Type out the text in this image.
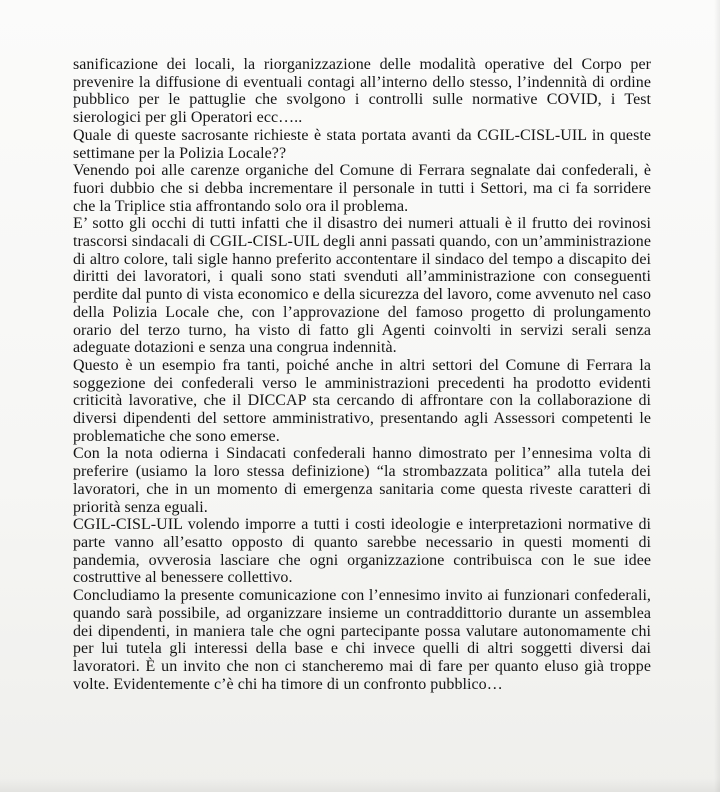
sanificazione dei locali, la riorganizzazione delle modalità operative del Corpo per prevenire la diffusione di eventuali contagi all’interno dello stesso, l’indennità di ordine pubblico per le pattuglie che svolgono i controlli sulle normative COVID, i Test sierologici per gli Operatori ecc…..

Quale di queste sacrosante richieste è stata portata avanti da CGIL-CISL-UIL in queste settimane per la Polizia Locale??

Venendo poi alle carenze organiche del Comune di Ferrara segnalate dai confederali, è fuori dubbio che si debba incrementare il personale in tutti i Settori, ma ci fa sorridere che la Triplice stia affrontando solo ora il problema.

E’ sotto gli occhi di tutti infatti che il disastro dei numeri attuali è il frutto dei rovinosi trascorsi sindacali di CGIL-CISL-UIL degli anni passati quando, con un’amministrazione di altro colore, tali sigle hanno preferito accontentare il sindaco del tempo a discapito dei diritti dei lavoratori, i quali sono stati svenduti all’amministrazione con conseguenti perdite dal punto di vista economico e della sicurezza del lavoro, come avvenuto nel caso della Polizia Locale che, con l’approvazione del famoso progetto di prolungamento orario del terzo turno, ha visto di fatto gli Agenti coinvolti in servizi serali senza adeguate dotazioni e senza una congrua indennità.

Questo è un esempio fra tanti, poiché anche in altri settori del Comune di Ferrara la soggezione dei confederali verso le amministrazioni precedenti ha prodotto evidenti criticità lavorative, che il DICCAP sta cercando di affrontare con la collaborazione di diversi dipendenti del settore amministrativo, presentando agli Assessori competenti le problematiche che sono emerse.

Con la nota odierna i Sindacati confederali hanno dimostrato per l’ennesima volta di preferire (usiamo la loro stessa definizione) “la strombazzata politica” alla tutela dei lavoratori, che in un momento di emergenza sanitaria come questa riveste caratteri di priorità senza eguali.

CGIL-CISL-UIL volendo imporre a tutti i costi ideologie e interpretazioni normative di parte vanno all’esatto opposto di quanto sarebbe necessario in questi momenti di pandemia, ovverosia lasciare che ogni organizzazione contribuisca con le sue idee costruttive al benessere collettivo.

Concludiamo la presente comunicazione con l’ennesimo invito ai funzionari confederali, quando sarà possibile, ad organizzare insieme un contraddittorio durante un assemblea dei dipendenti, in maniera tale che ogni partecipante possa valutare autonomamente chi per lui tutela gli interessi della base e chi invece quelli di altri soggetti diversi dai lavoratori. È un invito che non ci stancheremo mai di fare per quanto eluso già troppe volte. Evidentemente c’è chi ha timore di un confronto pubblico…
